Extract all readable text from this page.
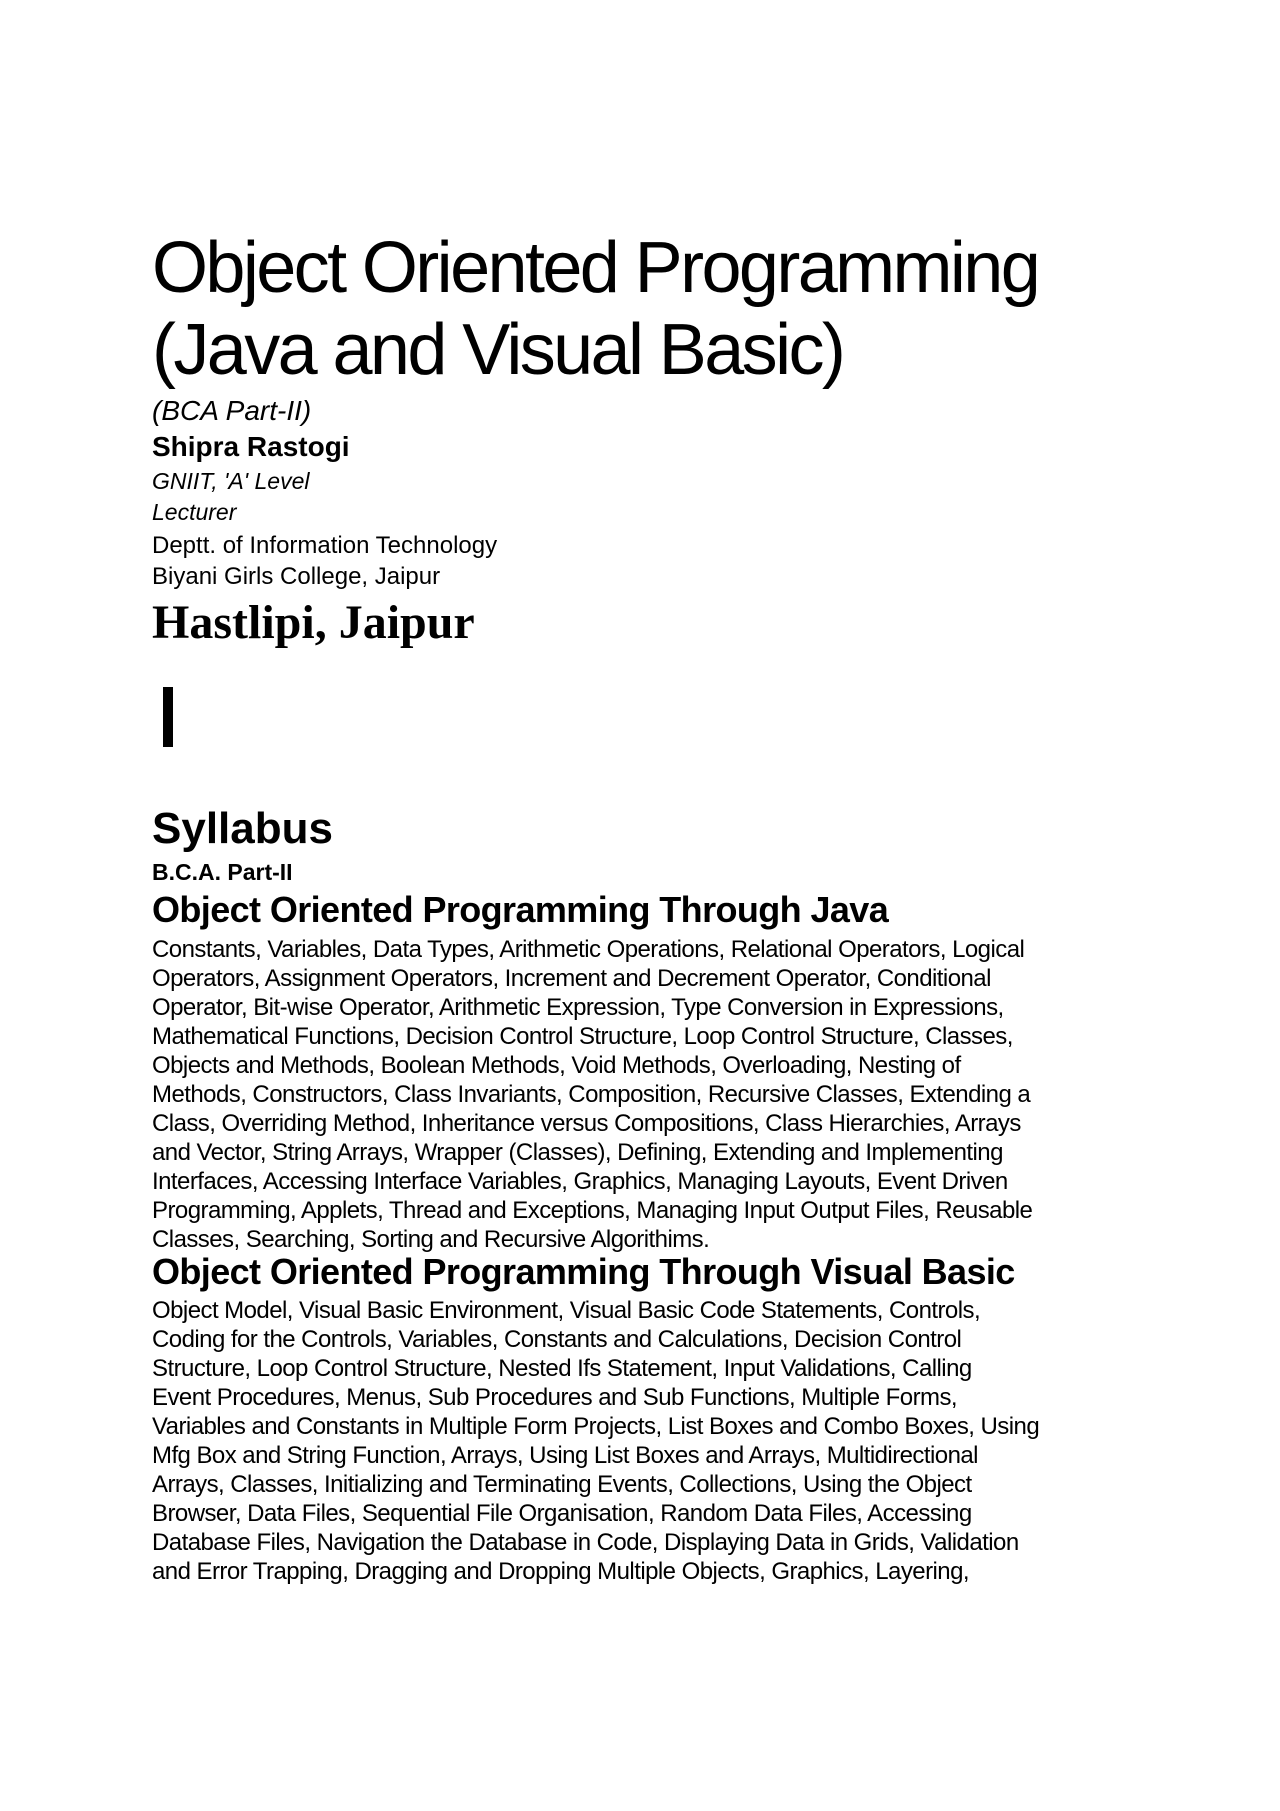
Object Oriented Programming
(Java and Visual Basic)
(BCA Part-II)
Shipra Rastogi
GNIIT, 'A' Level
Lecturer
Deptt. of Information Technology
Biyani Girls College, Jaipur
Hastlipi, Jaipur
Syllabus
B.C.A. Part-II
Object Oriented Programming Through Java
Constants, Variables, Data Types, Arithmetic Operations, Relational Operators, Logical
Operators, Assignment Operators, Increment and Decrement Operator, Conditional
Operator, Bit-wise Operator, Arithmetic Expression, Type Conversion in Expressions,
Mathematical Functions, Decision Control Structure, Loop Control Structure, Classes,
Objects and Methods, Boolean Methods, Void Methods, Overloading, Nesting of
Methods, Constructors, Class Invariants, Composition, Recursive Classes, Extending a
Class, Overriding Method, Inheritance versus Compositions, Class Hierarchies, Arrays
and Vector, String Arrays, Wrapper (Classes), Defining, Extending and Implementing
Interfaces, Accessing Interface Variables, Graphics, Managing Layouts, Event Driven
Programming, Applets, Thread and Exceptions, Managing Input Output Files, Reusable
Classes, Searching, Sorting and Recursive Algorithims.
Object Oriented Programming Through Visual Basic
Object Model, Visual Basic Environment, Visual Basic Code Statements, Controls,
Coding for the Controls, Variables, Constants and Calculations, Decision Control
Structure, Loop Control Structure, Nested Ifs Statement, Input Validations, Calling
Event Procedures, Menus, Sub Procedures and Sub Functions, Multiple Forms,
Variables and Constants in Multiple Form Projects, List Boxes and Combo Boxes, Using
Mfg Box and String Function, Arrays, Using List Boxes and Arrays, Multidirectional
Arrays, Classes, Initializing and Terminating Events, Collections, Using the Object
Browser, Data Files, Sequential File Organisation, Random Data Files, Accessing
Database Files, Navigation the Database in Code, Displaying Data in Grids, Validation
and Error Trapping, Dragging and Dropping Multiple Objects, Graphics, Layering,
